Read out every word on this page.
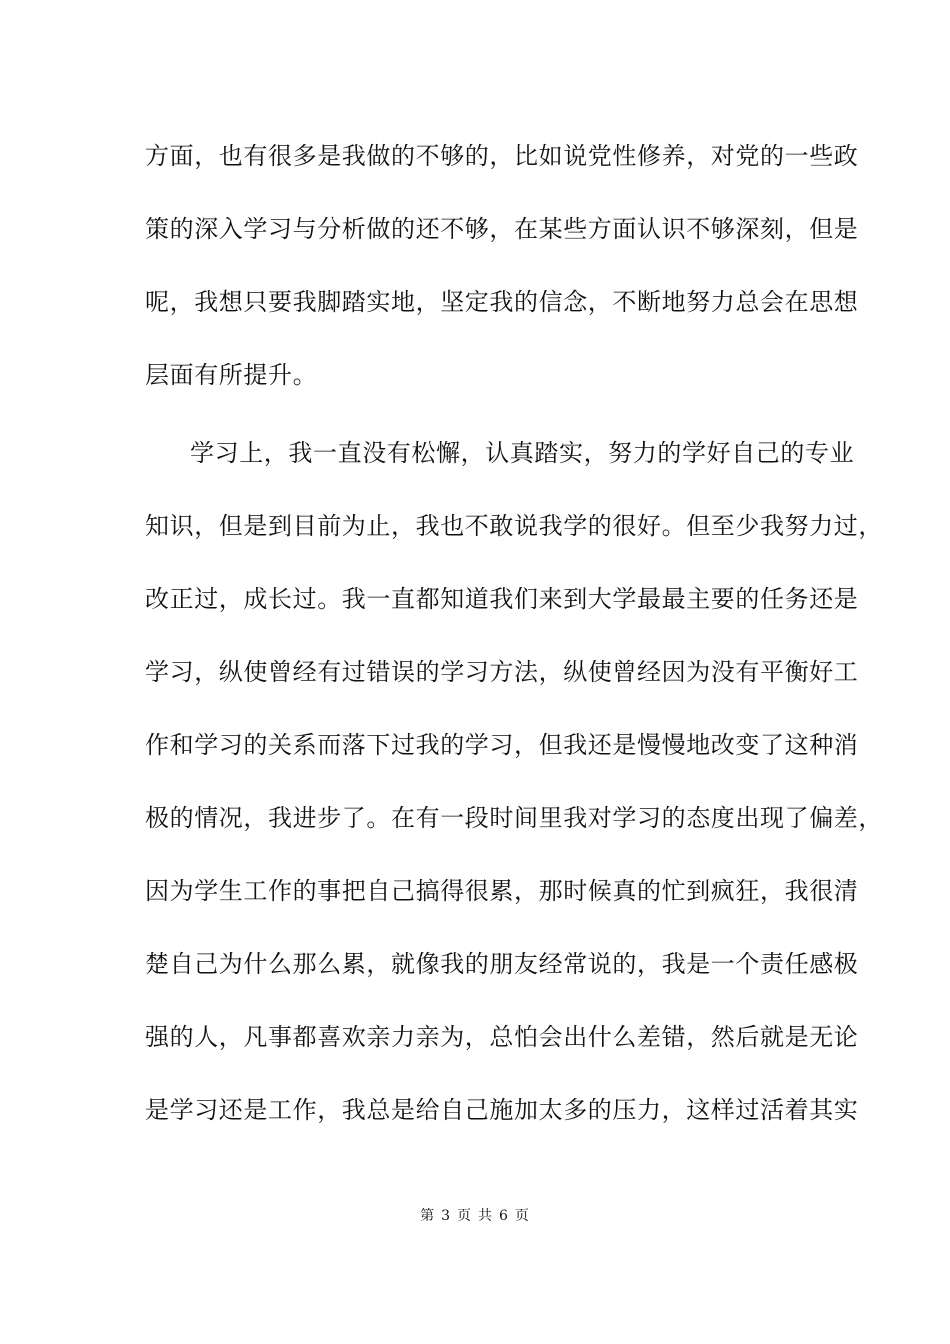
方面，也有很多是我做的不够的，比如说党性修养，对党的一些政
策的深入学习与分析做的还不够，在某些方面认识不够深刻，但是
呢，我想只要我脚踏实地，坚定我的信念，不断地努力总会在思想
层面有所提升。
学习上，我一直没有松懈，认真踏实，努力的学好自己的专业
知识，但是到目前为止，我也不敢说我学的很好。但至少我努力过，
改正过，成长过。我一直都知道我们来到大学最最主要的任务还是
学习，纵使曾经有过错误的学习方法，纵使曾经因为没有平衡好工
作和学习的关系而落下过我的学习，但我还是慢慢地改变了这种消
极的情况，我进步了。在有一段时间里我对学习的态度出现了偏差，
因为学生工作的事把自己搞得很累，那时候真的忙到疯狂，我很清
楚自己为什么那么累，就像我的朋友经常说的，我是一个责任感极
强的人，凡事都喜欢亲力亲为，总怕会出什么差错，然后就是无论
是学习还是工作，我总是给自己施加太多的压力，这样过活着其实
第 3 页 共 6 页
